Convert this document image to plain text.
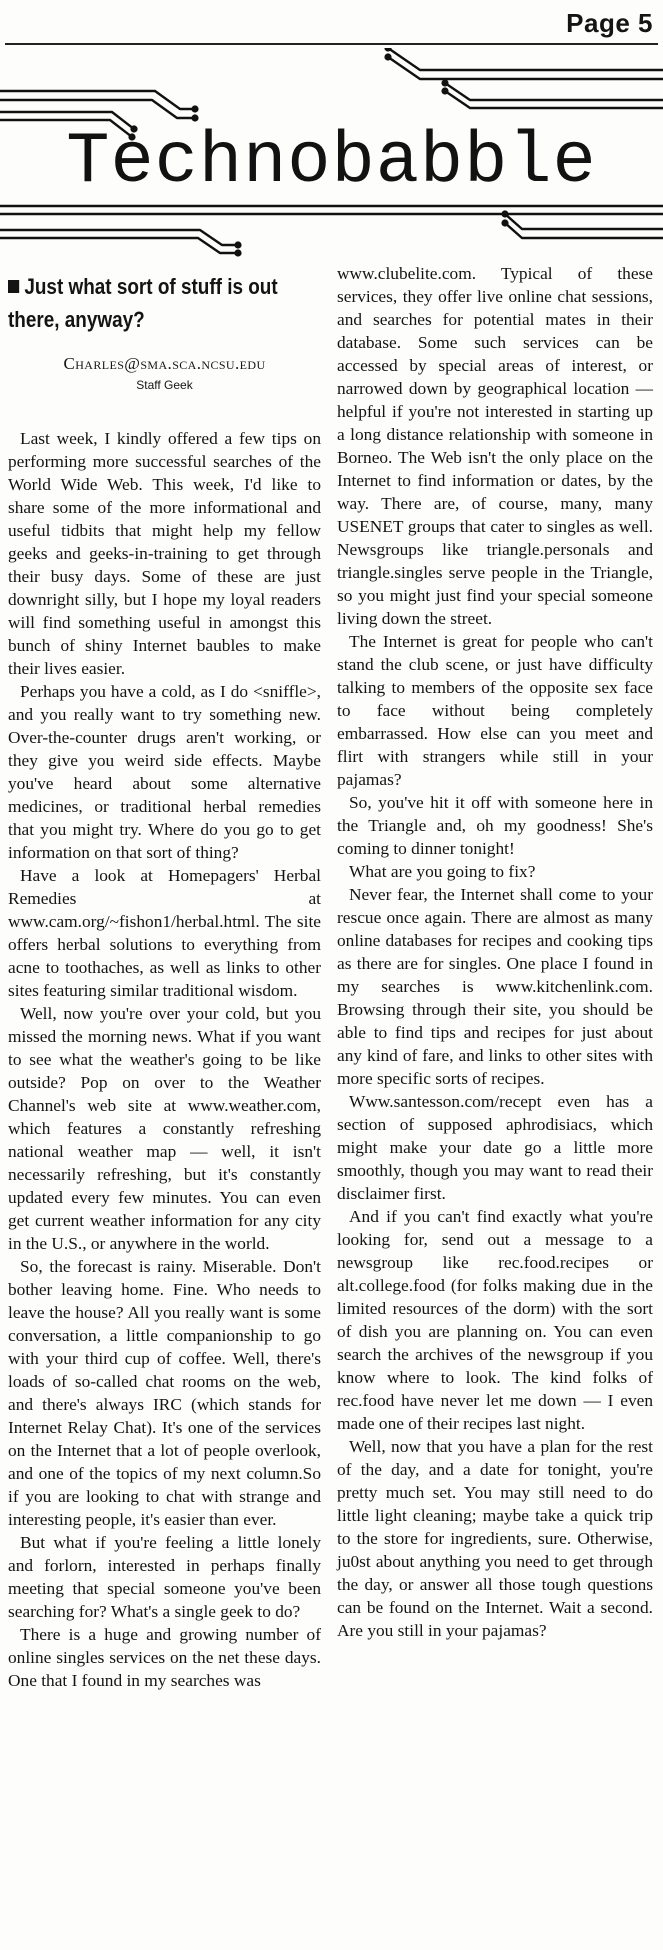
Page 5
Technobabble
Just what sort of stuff is out there, anyway?
Charles@sma.sca.ncsu.edu
Staff Geek

Last week, I kindly offered a few tips on performing more successful searches of the World Wide Web. This week, I'd like to share some of the more informational and useful tidbits that might help my fellow geeks and geeks-in-training to get through their busy days. Some of these are just downright silly, but I hope my loyal readers will find something useful in amongst this bunch of shiny Internet baubles to make their lives easier.

Perhaps you have a cold, as I do <sniffle>, and you really want to try something new. Over-the-counter drugs aren't working, or they give you weird side effects. Maybe you've heard about some alternative medicines, or traditional herbal remedies that you might try. Where do you go to get information on that sort of thing?

Have a look at Homepagers' Herbal Remedies at www.cam.org/~fishon1/herbal.html. The site offers herbal solutions to everything from acne to toothaches, as well as links to other sites featuring similar traditional wisdom.

Well, now you're over your cold, but you missed the morning news. What if you want to see what the weather's going to be like outside? Pop on over to the Weather Channel's web site at www.weather.com, which features a constantly refreshing national weather map — well, it isn't necessarily refreshing, but it's constantly updated every few minutes. You can even get current weather information for any city in the U.S., or anywhere in the world.

So, the forecast is rainy. Miserable. Don't bother leaving home. Fine. Who needs to leave the house? All you really want is some conversation, a little companionship to go with your third cup of coffee. Well, there's loads of so-called chat rooms on the web, and there's always IRC (which stands for Internet Relay Chat). It's one of the services on the Internet that a lot of people overlook, and one of the topics of my next column.So if you are looking to chat with strange and interesting people, it's easier than ever.

But what if you're feeling a little lonely and forlorn, interested in perhaps finally meeting that special someone you've been searching for? What's a single geek to do?

There is a huge and growing number of online singles services on the net these days. One that I found in my searches was

www.clubelite.com. Typical of these services, they offer live online chat sessions, and searches for potential mates in their database. Some such services can be accessed by special areas of interest, or narrowed down by geographical location — helpful if you're not interested in starting up a long distance relationship with someone in Borneo. The Web isn't the only place on the Internet to find information or dates, by the way. There are, of course, many, many USENET groups that cater to singles as well. Newsgroups like triangle.personals and triangle.singles serve people in the Triangle, so you might just find your special someone living down the street.

The Internet is great for people who can't stand the club scene, or just have difficulty talking to members of the opposite sex face to face without being completely embarrassed. How else can you meet and flirt with strangers while still in your pajamas?

So, you've hit it off with someone here in the Triangle and, oh my goodness! She's coming to dinner tonight!

What are you going to fix?

Never fear, the Internet shall come to your rescue once again. There are almost as many online databases for recipes and cooking tips as there are for singles. One place I found in my searches is www.kitchenlink.com. Browsing through their site, you should be able to find tips and recipes for just about any kind of fare, and links to other sites with more specific sorts of recipes.

Www.santesson.com/recept even has a section of supposed aphrodisiacs, which might make your date go a little more smoothly, though you may want to read their disclaimer first.

And if you can't find exactly what you're looking for, send out a message to a newsgroup like rec.food.recipes or alt.college.food (for folks making due in the limited resources of the dorm) with the sort of dish you are planning on. You can even search the archives of the newsgroup if you know where to look. The kind folks of rec.food have never let me down — I even made one of their recipes last night.

Well, now that you have a plan for the rest of the day, and a date for tonight, you're pretty much set. You may still need to do little light cleaning; maybe take a quick trip to the store for ingredients, sure. Otherwise, ju0st about anything you need to get through the day, or answer all those tough questions can be found on the Internet. Wait a second. Are you still in your pajamas?
